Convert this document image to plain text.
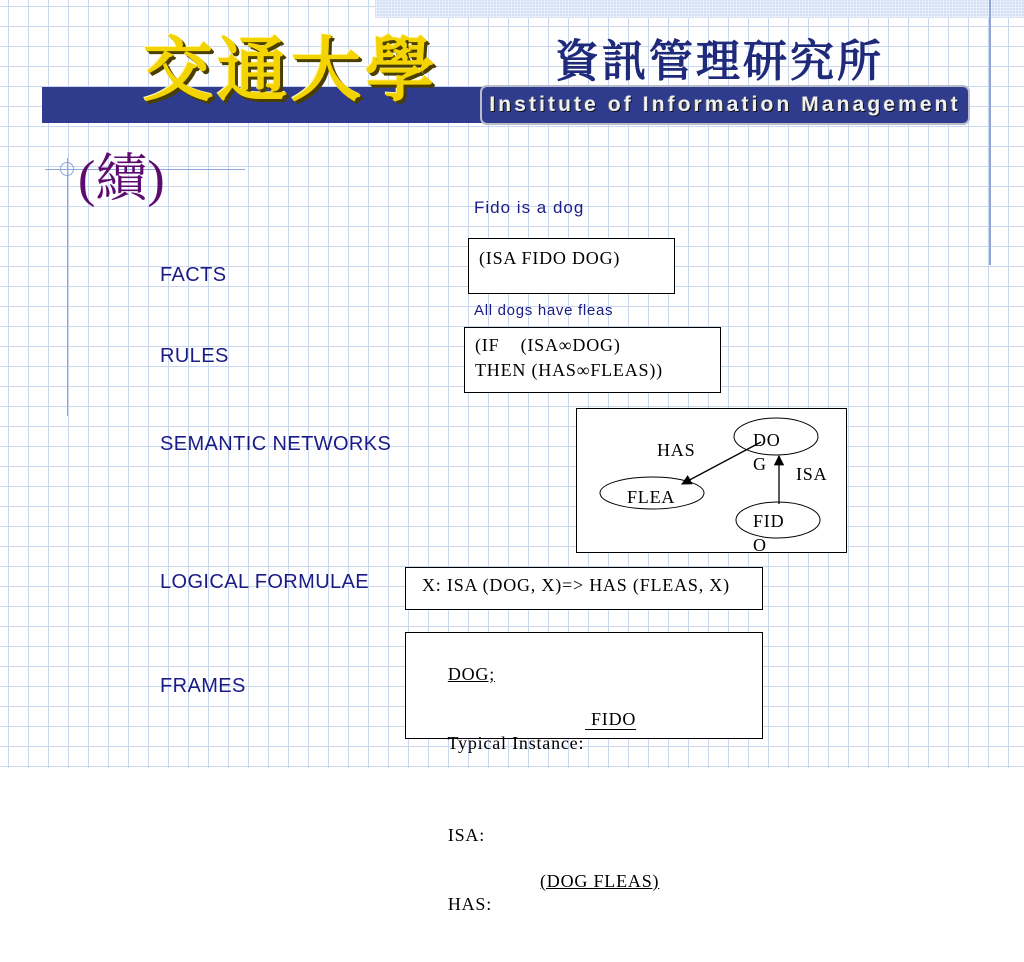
Institute of Information Management
交通大學	資訊管理研究所
(續)
FACTS
RULES
SEMANTIC NETWORKS
LOGICAL FORMULAE
FRAMES
Fido is a dog
(ISA FIDO DOG)
All dogs have fleas
(IF    (ISA∞DOG)
THEN (HAS∞FLEAS))
HAS	DO
G ISA
FLEA
FID
O
X: ISA (DOG, X)=> HAS (FLEAS, X)

DOG;

Typical Instance:

FIDO

ISA:

HAS:

(DOG FLEAS)
